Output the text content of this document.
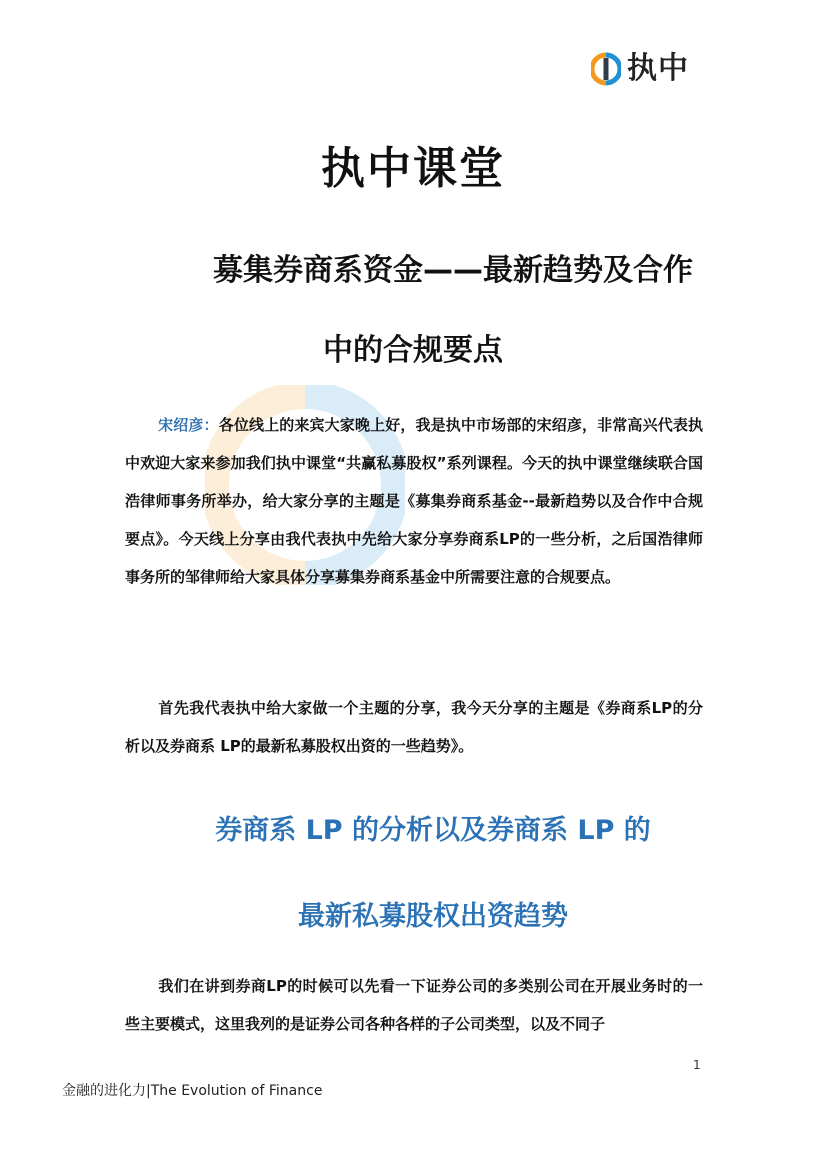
执中
执中课堂
募集券商系资金——最新趋势及合作
中的合规要点
宋绍彦：各位线上的来宾大家晚上好，我是执中市场部的宋绍彦，非常高兴代表执中欢迎大家来参加我们执中课堂“共赢私募股权”系列课程。今天的执中课堂继续联合国浩律师事务所举办，给大家分享的主题是《募集券商系基金--最新趋势以及合作中合规要点》。今天线上分享由我代表执中先给大家分享券商系LP的一些分析，之后国浩律师事务所的邹律师给大家具体分享募集券商系基金中所需要注意的合规要点。
首先我代表执中给大家做一个主题的分享，我今天分享的主题是《券商系LP的分析以及券商系 LP的最新私募股权出资的一些趋势》。
券商系 LP 的分析以及券商系 LP 的
最新私募股权出资趋势
我们在讲到券商LP的时候可以先看一下证券公司的多类别公司在开展业务时的一些主要模式，这里我列的是证券公司各种各样的子公司类型，以及不同子
1
金融的进化力|The Evolution of Finance
